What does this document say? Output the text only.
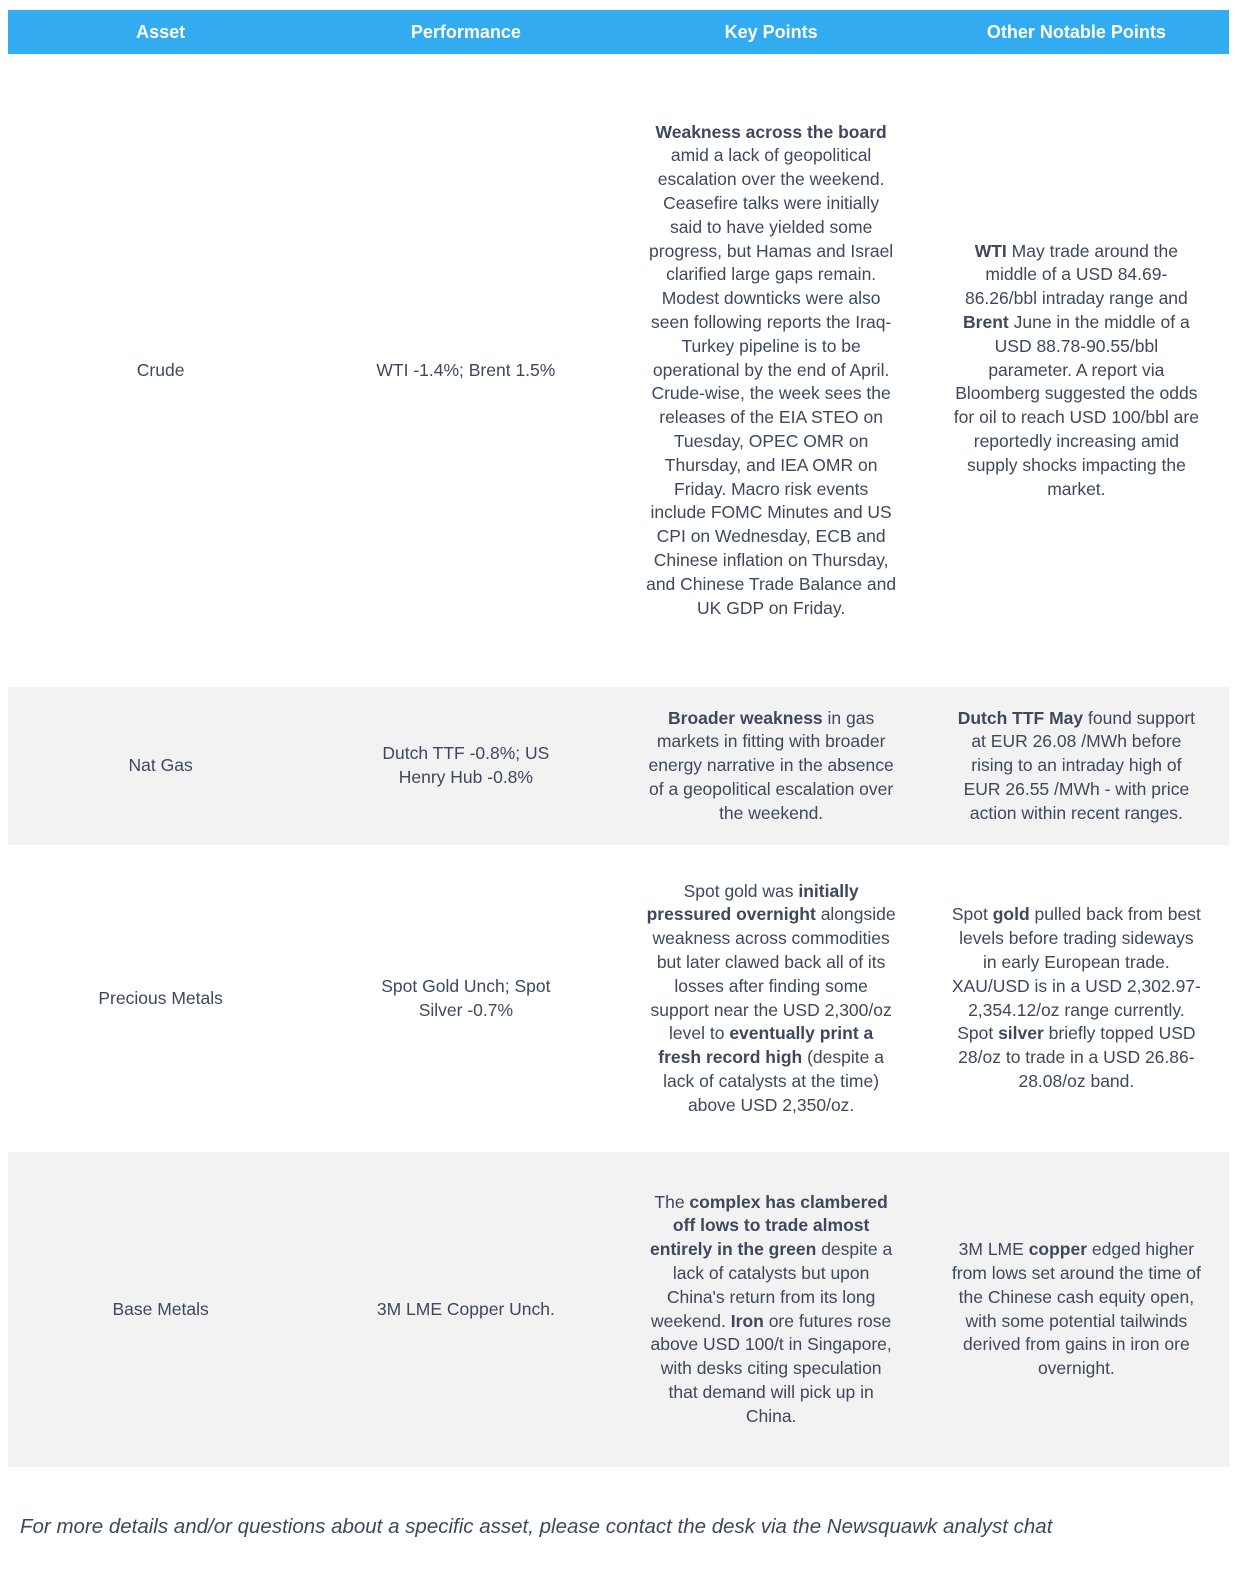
Asset	Performance	Key Points	Other Notable Points
Crude	WTI -1.4%; Brent 1.5%	Weakness across the board amid a lack of geopolitical escalation over the weekend. Ceasefire talks were initially said to have yielded some progress, but Hamas and Israel clarified large gaps remain. Modest downticks were also seen following reports the Iraq-Turkey pipeline is to be operational by the end of April. Crude-wise, the week sees the releases of the EIA STEO on Tuesday, OPEC OMR on Thursday, and IEA OMR on Friday. Macro risk events include FOMC Minutes and US CPI on Wednesday, ECB and Chinese inflation on Thursday, and Chinese Trade Balance and UK GDP on Friday.	WTI May trade around the middle of a USD 84.69-86.26/bbl intraday range and Brent June in the middle of a USD 88.78-90.55/bbl parameter. A report via Bloomberg suggested the odds for oil to reach USD 100/bbl are reportedly increasing amid supply shocks impacting the market.
Nat Gas	Dutch TTF -0.8%; US Henry Hub -0.8%	Broader weakness in gas markets in fitting with broader energy narrative in the absence of a geopolitical escalation over the weekend.	Dutch TTF May found support at EUR 26.08 /MWh before rising to an intraday high of EUR 26.55 /MWh - with price action within recent ranges.
Precious Metals	Spot Gold Unch; Spot Silver -0.7%	Spot gold was initially pressured overnight alongside weakness across commodities but later clawed back all of its losses after finding some support near the USD 2,300/oz level to eventually print a fresh record high (despite a lack of catalysts at the time) above USD 2,350/oz.	Spot gold pulled back from best levels before trading sideways in early European trade. XAU/USD is in a USD 2,302.97-2,354.12/oz range currently. Spot silver briefly topped USD 28/oz to trade in a USD 26.86-28.08/oz band.
Base Metals	3M LME Copper Unch.	The complex has clambered off lows to trade almost entirely in the green despite a lack of catalysts but upon China's return from its long weekend. Iron ore futures rose above USD 100/t in Singapore, with desks citing speculation that demand will pick up in China.	3M LME copper edged higher from lows set around the time of the Chinese cash equity open, with some potential tailwinds derived from gains in iron ore overnight.

For more details and/or questions about a specific asset, please contact the desk via the Newsquawk analyst chat
